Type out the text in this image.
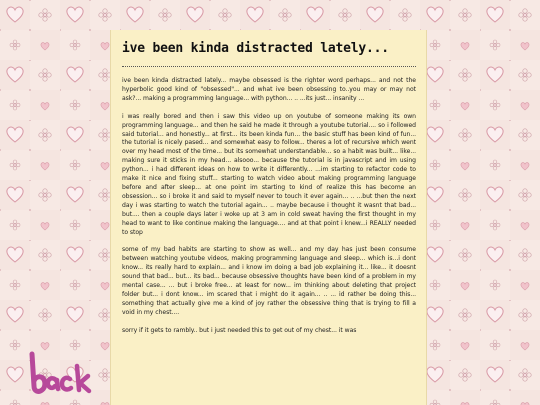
ive been kinda distracted lately...

ive been kinda distracted lately... maybe obsessed is the righter word perhaps... and not the hyperbolic good kind of "obsessed"... and what ive been obsessing to..you may or may not ask?... making a programming language... with python... .. ...its just... insanity ...

i was really bored and then i saw this video up on youtube of someone making its own programming language... and then he said he made it through a youtube tutorial.... so i followed said tutorial... and honestly... at first... its been kinda fun... the basic stuff has been kind of fun... the tutorial is nicely pased... and somewhat easy to follow... theres a lot of recursive which went over my head most of the time... but its somewhat understandable... so a habit was built... like... making sure it sticks in my head... alsooo... because the tutorial is in javascript and im using python... i had different ideas on how to write it differently... ...im starting to refactor code to make it nice and fixing stuff... starting to watch video about making programming language before and after sleep... at one point im starting to kind of realize this has become an obsession... so i broke it and said to myself never to touch it ever again... .. ...but then the next day i was starting to watch the tutorial again... .. maybe because i thought it wasnt that bad... but.... then a couple days later i woke up at 3 am in cold sweat having the first thought in my head to want to like continue making the language.... and at that point i knew...i REALLY needed to stop

some of my bad habits are starting to show as well... and my day has just been consume between watching youtube videos, making programming language and sleep... which is...i dont know... its really hard to explain... and i know im doing a bad job explaining it... like... it doesnt sound that bad... but... its bad... because obsessive thoughts have been kind of a problem in my mental case... ... but i broke free... at least for now... im thinking about deleting that project folder but... i dont know... im scared that i might do it again... .. ... id rather be doing this... something that actually give me a kind of joy rather the obsessive thing that is trying to fill a void in my chest....

sorry if it gets to rambly.. but i just needed this to get out of my chest... it was
